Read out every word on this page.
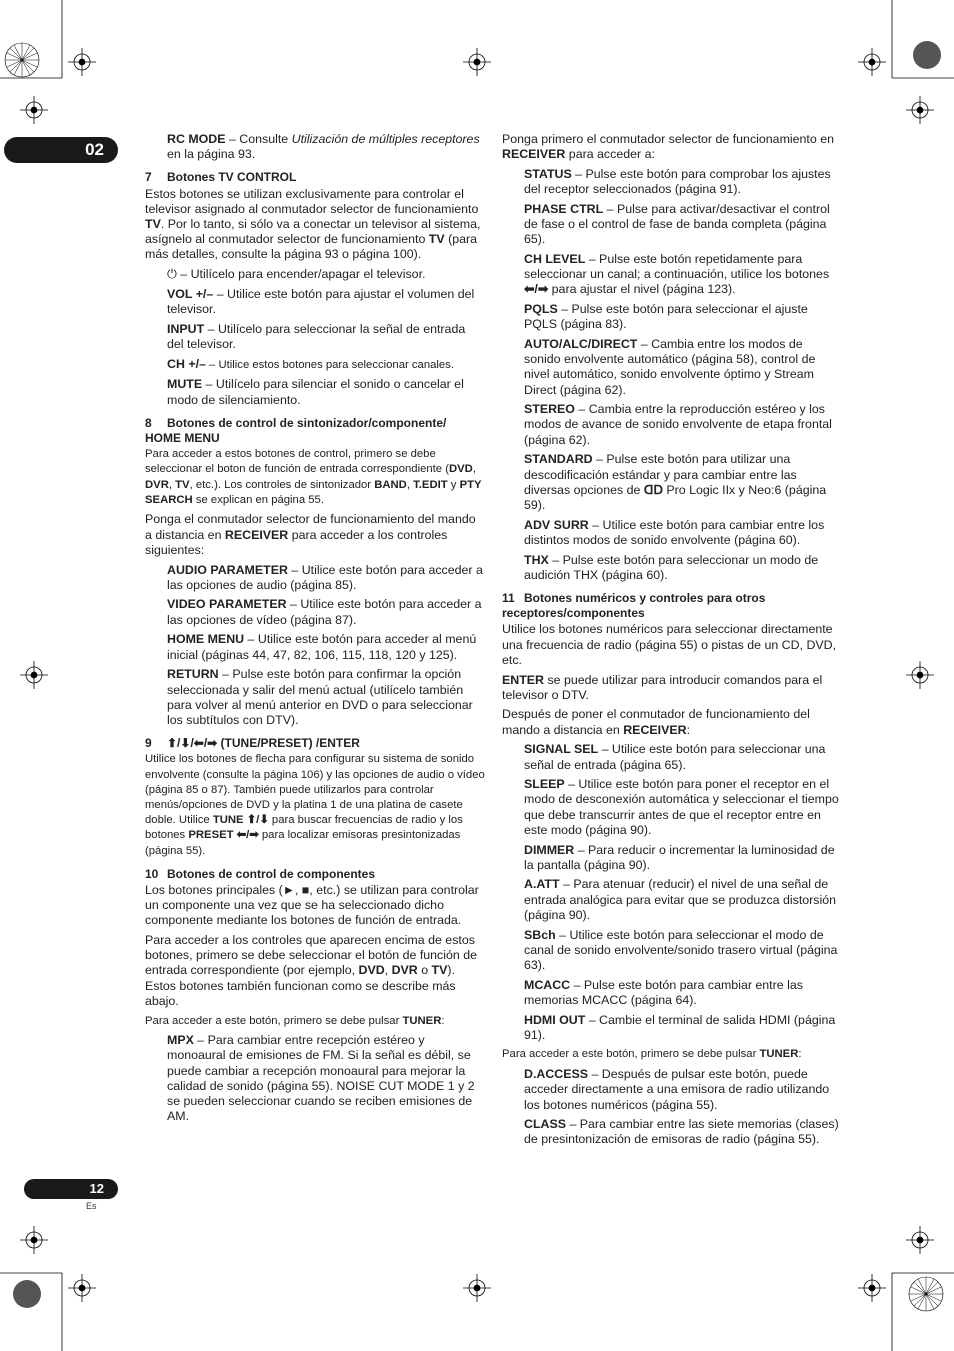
02
12
Es

RC MODE – Consulte Utilización de múltiples receptores en la página 93.

7 Botones TV CONTROL

Estos botones se utilizan exclusivamente para controlar el televisor asignado al conmutador selector de funcionamiento TV. Por lo tanto, si sólo va a conectar un televisor al sistema, asígnelo al conmutador selector de funcionamiento TV (para más detalles, consulte la página 93 o página 100).

⏻ – Utilícelo para encender/apagar el televisor.

VOL +/– – Utilice este botón para ajustar el volumen del televisor.

INPUT – Utilícelo para seleccionar la señal de entrada del televisor.

CH +/– – Utilice estos botones para seleccionar canales.

MUTE – Utilícelo para silenciar el sonido o cancelar el modo de silenciamiento.

8 Botones de control de sintonizador/componente/ HOME MENU

Para acceder a estos botones de control, primero se debe seleccionar el boton de función de entrada correspondiente (DVD, DVR, TV, etc.). Los controles de sintonizador BAND, T.EDIT y PTY SEARCH se explican en página 55.

Ponga el conmutador selector de funcionamiento del mando a distancia en RECEIVER para acceder a los controles siguientes:

AUDIO PARAMETER – Utilice este botón para acceder a las opciones de audio (página 85).

VIDEO PARAMETER – Utilice este botón para acceder a las opciones de vídeo (página 87).

HOME MENU – Utilice este botón para acceder al menú inicial (páginas 44, 47, 82, 106, 115, 118, 120 y 125).

RETURN – Pulse este botón para confirmar la opción seleccionada y salir del menú actual (utilícelo también para volver al menú anterior en DVD o para seleccionar los subtítulos con DTV).

9 ⬆/⬇/⬅/➡ (TUNE/PRESET) /ENTER

Utilice los botones de flecha para configurar su sistema de sonido envolvente (consulte la página 106) y las opciones de audio o vídeo (página 85 o 87). También puede utilizarlos para controlar menús/opciones de DVD y la platina 1 de una platina de casete doble. Utilice TUNE ⬆/⬇ para buscar frecuencias de radio y los botones PRESET ⬅/➡ para localizar emisoras presintonizadas (página 55).

10 Botones de control de componentes

Los botones principales (►, ■, etc.) se utilizan para controlar un componente una vez que se ha seleccionado dicho componente mediante los botones de función de entrada.

Para acceder a los controles que aparecen encima de estos botones, primero se debe seleccionar el botón de función de entrada correspondiente (por ejemplo, DVD, DVR o TV). Estos botones también funcionan como se describe más abajo.

Para acceder a este botón, primero se debe pulsar TUNER:

MPX – Para cambiar entre recepción estéreo y monoaural de emisiones de FM. Si la señal es débil, se puede cambiar a recepción monoaural para mejorar la calidad de sonido (página 55). NOISE CUT MODE 1 y 2 se pueden seleccionar cuando se reciben emisiones de AM.

Ponga primero el conmutador selector de funcionamiento en RECEIVER para acceder a:

STATUS – Pulse este botón para comprobar los ajustes del receptor seleccionados (página 91).

PHASE CTRL – Pulse para activar/desactivar el control de fase o el control de fase de banda completa (página 65).

CH LEVEL – Pulse este botón repetidamente para seleccionar un canal; a continuación, utilice los botones ⬅/➡ para ajustar el nivel (página 123).

PQLS – Pulse este botón para seleccionar el ajuste PQLS (página 83).

AUTO/ALC/DIRECT – Cambia entre los modos de sonido envolvente automático (página 58), control de nivel automático, sonido envolvente óptimo y Stream Direct (página 62).

STEREO – Cambia entre la reproducción estéreo y los modos de avance de sonido envolvente de etapa frontal (página 62).

STANDARD – Pulse este botón para utilizar una descodificación estándar y para cambiar entre las diversas opciones de ᗡᗞ Pro Logic IIx y Neo:6 (página 59).

ADV SURR – Utilice este botón para cambiar entre los distintos modos de sonido envolvente (página 60).

THX – Pulse este botón para seleccionar un modo de audición THX (página 60).

11 Botones numéricos y controles para otros receptores/componentes

Utilice los botones numéricos para seleccionar directamente una frecuencia de radio (página 55) o pistas de un CD, DVD, etc.

ENTER se puede utilizar para introducir comandos para el televisor o DTV.

Después de poner el conmutador de funcionamiento del mando a distancia en RECEIVER:

SIGNAL SEL – Utilice este botón para seleccionar una señal de entrada (página 65).

SLEEP – Utilice este botón para poner el receptor en el modo de desconexión automática y seleccionar el tiempo que debe transcurrir antes de que el receptor entre en este modo (página 90).

DIMMER – Para reducir o incrementar la luminosidad de la pantalla (página 90).

A.ATT – Para atenuar (reducir) el nivel de una señal de entrada analógica para evitar que se produzca distorsión (página 90).

SBch – Utilice este botón para seleccionar el modo de canal de sonido envolvente/sonido trasero virtual (página 63).

MCACC – Pulse este botón para cambiar entre las memorias MCACC (página 64).

HDMI OUT – Cambie el terminal de salida HDMI (página 91).

Para acceder a este botón, primero se debe pulsar TUNER:

D.ACCESS – Después de pulsar este botón, puede acceder directamente a una emisora de radio utilizando los botones numéricos (página 55).

CLASS – Para cambiar entre las siete memorias (clases) de presintonización de emisoras de radio (página 55).
